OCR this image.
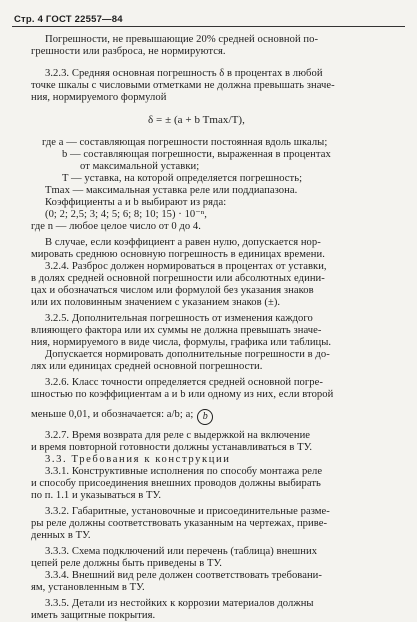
Стр. 4 ГОСТ 22557—84
Погрешности, не превышающие 20% средней основной по-
грешности или разброса, не нормируются.
3.2.3. Средняя основная погрешность δ в процентах в любой
точке шкалы с числовыми отметками не должна превышать значе-
ния, нормируемого формулой
δ = ± (a + b Tmax/T),
где a — составляющая погрешности постоянная вдоль шкалы;
b — составляющая погрешности, выраженная в процентах
от максимальной уставки;
T — уставка, на которой определяется погрешность;
Tmax — максимальная уставка реле или поддиапазона.
Коэффициенты a и b выбирают из ряда:
(0; 2; 2,5; 3; 4; 5; 6; 8; 10; 15) · 10⁻ⁿ,
где n — любое целое число от 0 до 4.
В случае, если коэффициент a равен нулю, допускается нор-
мировать среднюю основную погрешность в единицах времени.
3.2.4. Разброс должен нормироваться в процентах от уставки,
в долях средней основной погрешности или абсолютных едини-
цах и обозначаться числом или формулой без указания знаков
или их половинным значением с указанием знаков (±).
3.2.5. Дополнительная погрешность от изменения каждого
влияющего фактора или их суммы не должна превышать значе-
ния, нормируемого в виде числа, формулы, графика или таблицы.
Допускается нормировать дополнительные погрешности в до-
лях или единицах средней основной погрешности.
3.2.6. Класс точности определяется средней основной погре-
шностью по коэффициентам a и b или одному из них, если второй
меньше 0,01, и обозначается: a/b; a; b
3.2.7. Время возврата для реле с выдержкой на включение
и время повторной готовности должны устанавливаться в ТУ.
3.3. Требования к конструкции
3.3.1. Конструктивные исполнения по способу монтажа реле
и способу присоединения внешних проводов должны выбирать
по п. 1.1 и указываться в ТУ.
3.3.2. Габаритные, установочные и присоединительные разме-
ры реле должны соответствовать указанным на чертежах, приве-
денных в ТУ.
3.3.3. Схема подключений или перечень (таблица) внешних
цепей реле должны быть приведены в ТУ.
3.3.4. Внешний вид реле должен соответствовать требовани-
ям, установленным в ТУ.
3.3.5. Детали из нестойких к коррозии материалов должны
иметь защитные покрытия.
